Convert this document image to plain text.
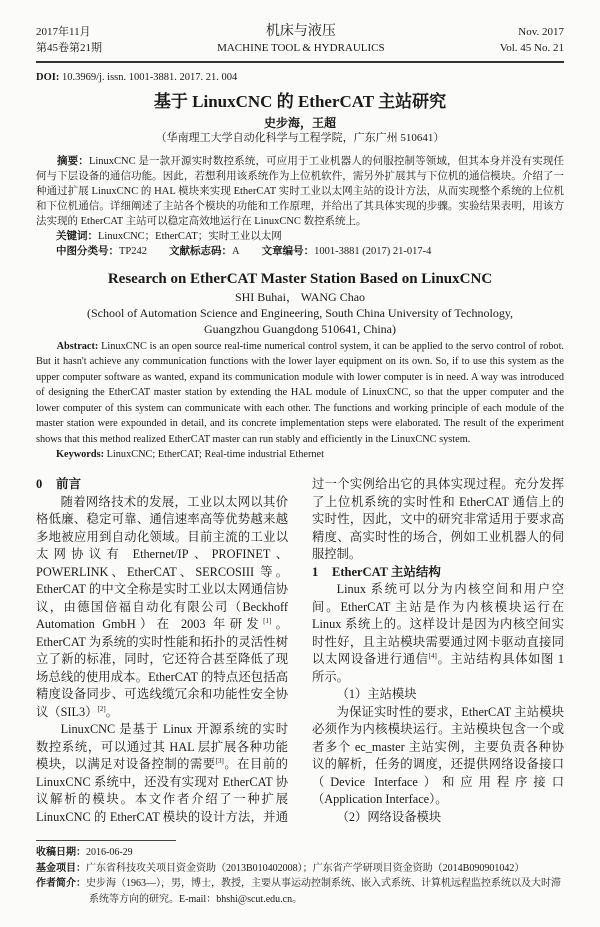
2017年11月
第45卷第21期
机床与液压
MACHINE TOOL & HYDRAULICS
Nov. 2017
Vol. 45 No. 21
DOI: 10.3969/j. issn. 1001-3881. 2017. 21. 004
基于 LinuxCNC 的 EtherCAT 主站研究
史步海，王超
（华南理工大学自动化科学与工程学院，广东广州 510641）
摘要：LinuxCNC 是一款开源实时数控系统，可应用于工业机器人的伺服控制等领域，但其本身并没有实现任何与下层设备的通信功能。因此，若想利用该系统作为上位机软件，需另外扩展其与下位机的通信模块。介绍了一种通过扩展 LinuxCNC 的 HAL 模块来实现 EtherCAT 实时工业以太网主站的设计方法，从而实现整个系统的上位机和下位机通信。详细阐述了主站各个模块的功能和工作原理，并给出了其具体实现的步骤。实验结果表明，用该方法实现的 EtherCAT 主站可以稳定高效地运行在 LinuxCNC 数控系统上。
关键词：LinuxCNC；EtherCAT；实时工业以太网
中图分类号：TP242 文献标志码：A 文章编号：1001-3881 (2017) 21-017-4
Research on EtherCAT Master Station Based on LinuxCNC
SHI Buhai， WANG Chao
(School of Automation Science and Engineering, South China University of Technology,
Guangzhou Guangdong 510641, China)
Abstract: LinuxCNC is an open source real-time numerical control system, it can be applied to the servo control of robot. But it hasn't achieve any communication functions with the lower layer equipment on its own. So, if to use this system as the upper computer software as wanted, expand its communication module with lower computer is in need. A way was introduced of designing the EtherCAT master station by extending the HAL module of LinuxCNC, so that the upper computer and the lower computer of this system can communicate with each other. The functions and working principle of each module of the master station were expounded in detail, and its concrete implementation steps were elaborated. The result of the experiment shows that this method realized EtherCAT master can run stably and efficiently in the LinuxCNC system.
Keywords: LinuxCNC; EtherCAT; Real-time industrial Ethernet
0 前言

随着网络技术的发展，工业以太网以其价格低廉、稳定可靠、通信速率高等优势越来越多地被应用到自动化领域。目前主流的工业以太网协议有 Ethernet/IP、PROFINET、POWERLINK、EtherCAT、SERCOSIII 等。EtherCAT 的中文全称是实时工业以太网通信协议，由德国倍福自动化有限公司（Beckhoff Automation GmbH）在 2003 年研发[1]。EtherCAT 为系统的实时性能和拓扑的灵活性树立了新的标准，同时，它还符合甚至降低了现场总线的使用成本。EtherCAT 的特点还包括高精度设备同步、可选线缆冗余和功能性安全协议（SIL3）[2]。

LinuxCNC 是基于 Linux 开源系统的实时数控系统，可以通过其 HAL 层扩展各种功能模块，以满足对设备控制的需要[3]。在目前的 LinuxCNC 系统中，还没有实现对 EtherCAT 协议解析的模块。本文作者介绍了一种扩展 LinuxCNC 的 EtherCAT 模块的设计方法，并通过一个实例给出它的具体实现过程。充分发挥了上位机系统的实时性和 EtherCAT 通信上的实时性，因此，文中的研究非常适用于要求高精度、高实时性的场合，例如工业机器人的伺服控制。

1 EtherCAT 主站结构

Linux 系统可以分为内核空间和用户空间。EtherCAT 主站是作为内核模块运行在 Linux 系统上的。这样设计是因为内核空间实时性好，且主站模块需要通过网卡驱动直接同以太网设备进行通信[4]。主站结构具体如图 1 所示。

（1）主站模块

为保证实时性的要求，EtherCAT 主站模块必须作为内核模块运行。主站模块包含一个或者多个 ec_master 主站实例，主要负责各种协议的解析，任务的调度，还提供网络设备接口（Device Interface）和应用程序接口（Application Interface）。

（2）网络设备模块
收稿日期：2016-06-29
基金项目：广东省科技攻关项目资金资助（2013B010402008）；广东省产学研项目资金资助（2014B090901042）
作者简介：史步海（1963—），男，博士，教授，主要从事运动控制系统、嵌入式系统、计算机远程监控系统以及大时滞系统等方向的研究。E-mail：bhshi@scut.edu.cn。
